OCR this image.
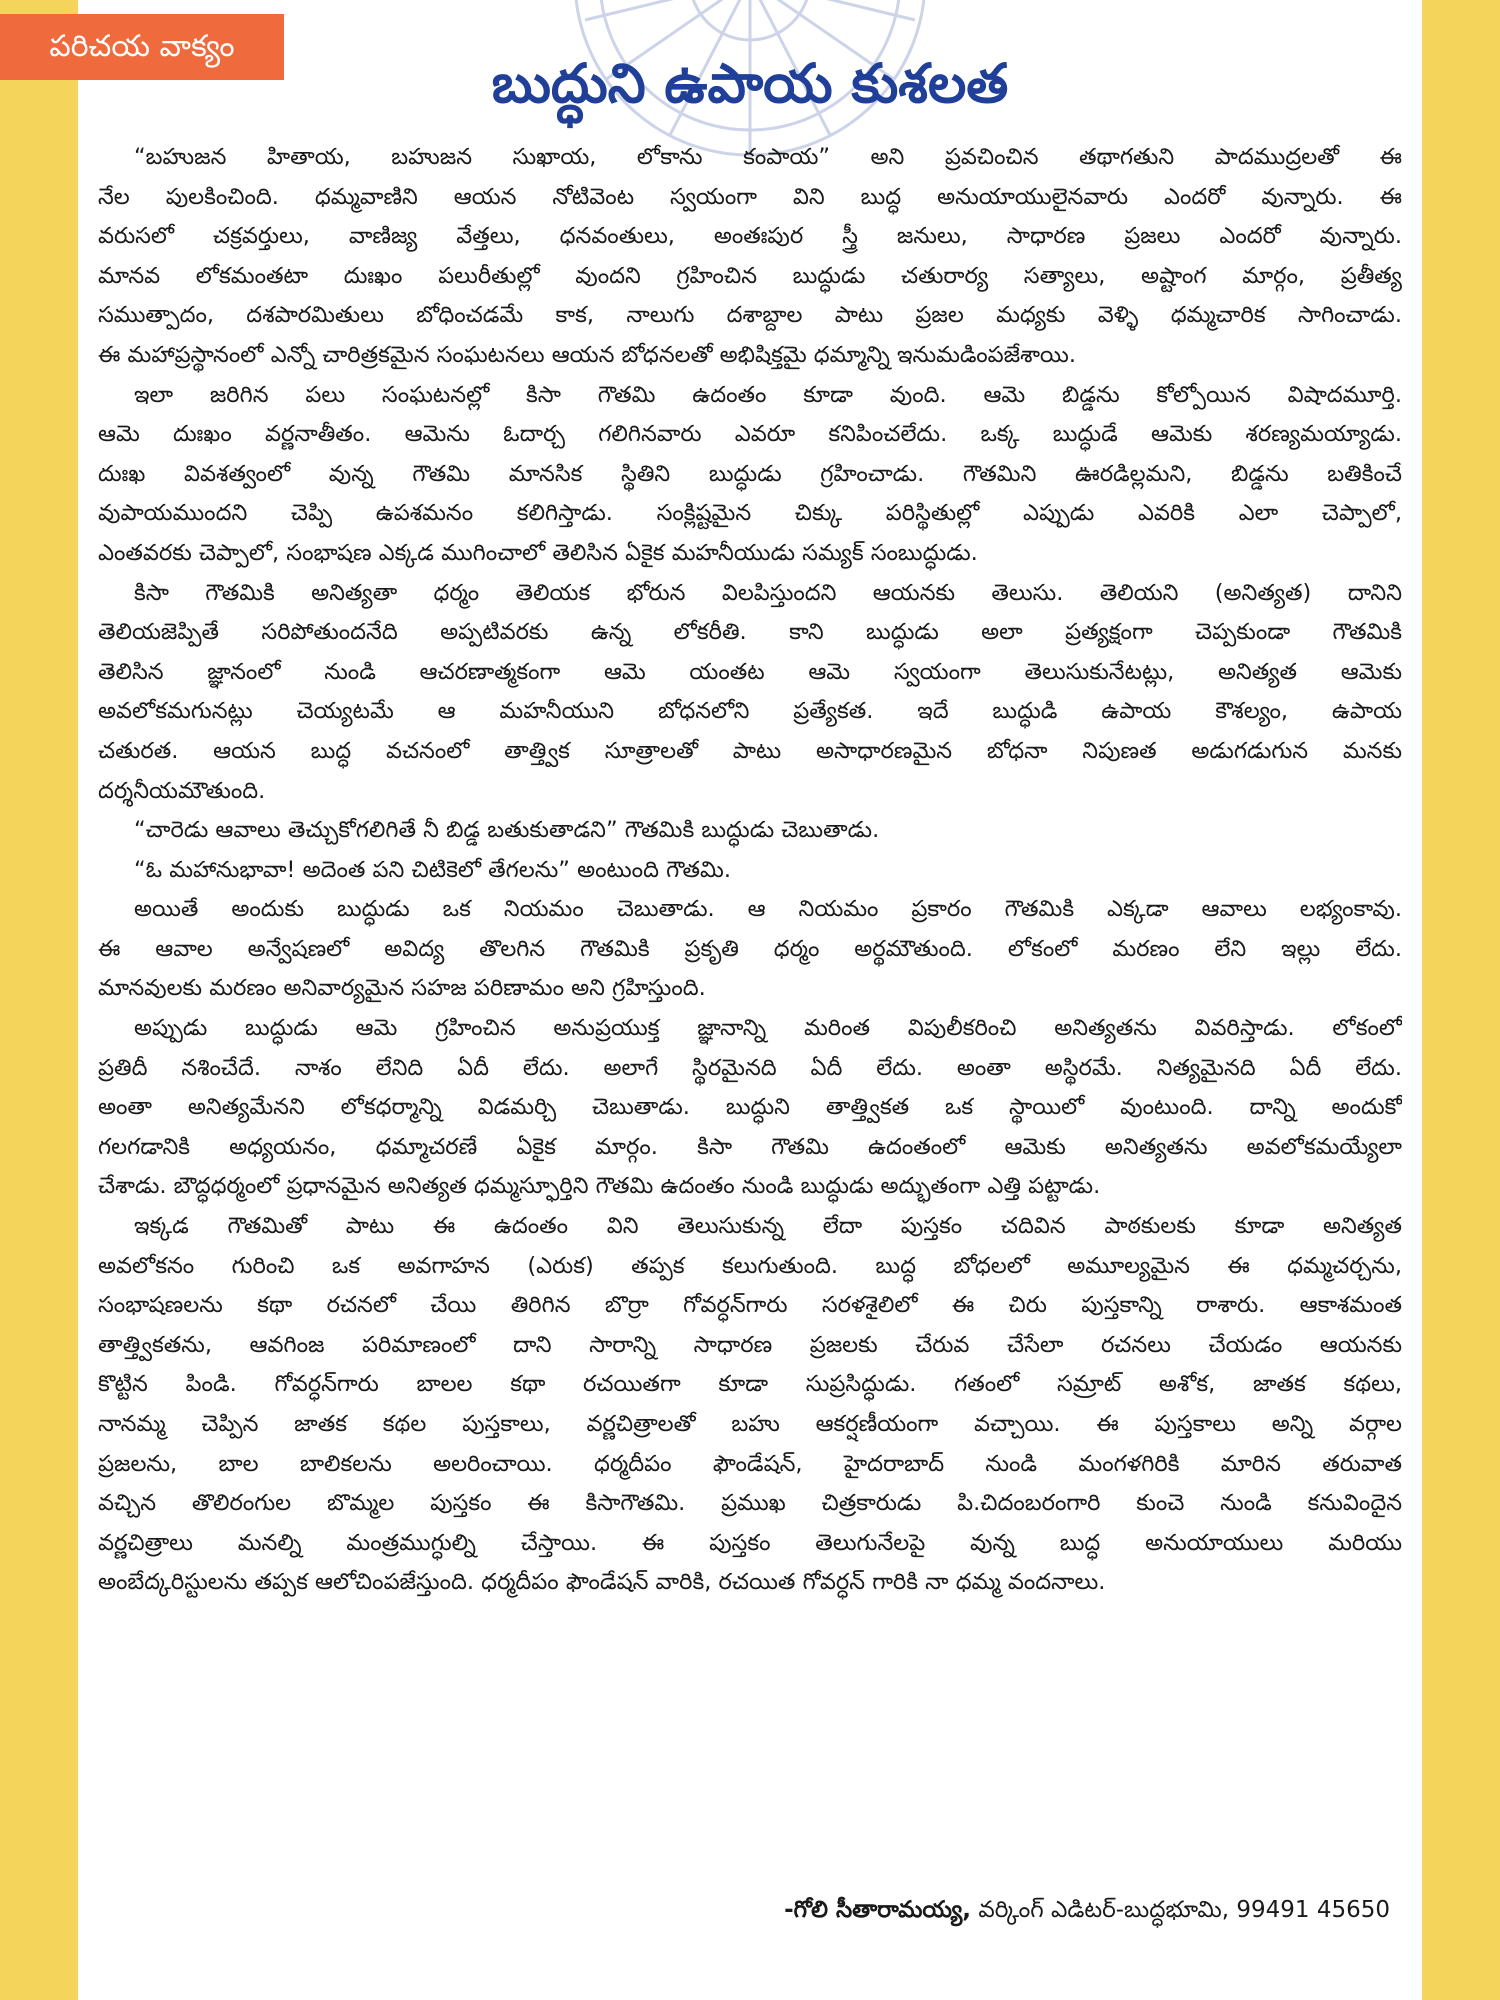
పరిచయ వాక్యం
బుద్ధుని ఉపాయ కుశలత
“బహుజన హితాయ, బహుజన సుఖాయ, లోకాను కంపాయ” అని ప్రవచించిన తథాగతుని పాదముద్రలతో ఈ
నేల పులకించింది. ధమ్మవాణిని ఆయన నోటివెంట స్వయంగా విని బుద్ధ అనుయాయులైనవారు ఎందరో వున్నారు. ఈ
వరుసలో చక్రవర్తులు, వాణిజ్య వేత్తలు, ధనవంతులు, అంతఃపుర స్త్రీ జనులు, సాధారణ ప్రజలు ఎందరో వున్నారు.
మానవ లోకమంతటా దుఃఖం పలురీతుల్లో వుందని గ్రహించిన బుద్ధుడు చతురార్య సత్యాలు, అష్టాంగ మార్గం, ప్రతీత్య
సముత్పాదం, దశపారమితులు బోధించడమే కాక, నాలుగు దశాబ్దాల పాటు ప్రజల మధ్యకు వెళ్ళి ధమ్మచారిక సాగించాడు.
ఈ మహాప్రస్థానంలో ఎన్నో చారిత్రకమైన సంఘటనలు ఆయన బోధనలతో అభిషిక్తమై ధమ్మాన్ని ఇనుమడింపజేశాయి.
ఇలా జరిగిన పలు సంఘటనల్లో కిసా గౌతమి ఉదంతం కూడా వుంది. ఆమె బిడ్డను కోల్పోయిన విషాదమూర్తి.
ఆమె దుఃఖం వర్ణనాతీతం. ఆమెను ఓదార్చ గలిగినవారు ఎవరూ కనిపించలేదు. ఒక్క బుద్ధుడే ఆమెకు శరణ్యమయ్యాడు.
దుఃఖ వివశత్వంలో వున్న గౌతమి మానసిక స్థితిని బుద్ధుడు గ్రహించాడు. గౌతమిని ఊరడిల్లమని, బిడ్డను బతికించే
వుపాయముందని చెప్పి ఉపశమనం కలిగిస్తాడు. సంక్లిష్టమైన చిక్కు పరిస్థితుల్లో ఎప్పుడు ఎవరికి ఎలా చెప్పాలో,
ఎంతవరకు చెప్పాలో, సంభాషణ ఎక్కడ ముగించాలో తెలిసిన ఏకైక మహనీయుడు సమ్యక్ సంబుద్ధుడు.
కిసా గౌతమికి అనిత్యతా ధర్మం తెలియక భోరున విలపిస్తుందని ఆయనకు తెలుసు. తెలియని (అనిత్యత) దానిని
తెలియజెప్పితే సరిపోతుందనేది అప్పటివరకు ఉన్న లోకరీతి. కాని బుద్ధుడు అలా ప్రత్యక్షంగా చెప్పకుండా గౌతమికి
తెలిసిన జ్ఞానంలో నుండి ఆచరణాత్మకంగా ఆమె యంతట ఆమె స్వయంగా తెలుసుకునేటట్లు, అనిత్యత ఆమెకు
అవలోకమగునట్లు చెయ్యటమే ఆ మహనీయుని బోధనలోని ప్రత్యేకత. ఇదే బుద్ధుడి ఉపాయ కౌశల్యం, ఉపాయ
చతురత. ఆయన బుద్ధ వచనంలో తాత్త్విక సూత్రాలతో పాటు అసాధారణమైన బోధనా నిపుణత అడుగడుగున మనకు
దర్శనీయమౌతుంది.
“చారెడు ఆవాలు తెచ్చుకోగలిగితే నీ బిడ్డ బతుకుతాడని” గౌతమికి బుద్ధుడు చెబుతాడు.
“ఓ మహానుభావా! అదెంత పని చిటికెలో తేగలను” అంటుంది గౌతమి.
అయితే అందుకు బుద్ధుడు ఒక నియమం చెబుతాడు. ఆ నియమం ప్రకారం గౌతమికి ఎక్కడా ఆవాలు లభ్యంకావు.
ఈ ఆవాల అన్వేషణలో అవిద్య తొలగిన గౌతమికి ప్రకృతి ధర్మం అర్థమౌతుంది. లోకంలో మరణం లేని ఇల్లు లేదు.
మానవులకు మరణం అనివార్యమైన సహజ పరిణామం అని గ్రహిస్తుంది.
అప్పుడు బుద్ధుడు ఆమె గ్రహించిన అనుప్రయుక్త జ్ఞానాన్ని మరింత విపులీకరించి అనిత్యతను వివరిస్తాడు. లోకంలో
ప్రతిదీ నశించేదే. నాశం లేనిది ఏదీ లేదు. అలాగే స్థిరమైనది ఏదీ లేదు. అంతా అస్థిరమే. నిత్యమైనది ఏదీ లేదు.
అంతా అనిత్యమేనని లోకధర్మాన్ని విడమర్చి చెబుతాడు. బుద్ధుని తాత్త్వికత ఒక స్థాయిలో వుంటుంది. దాన్ని అందుకో
గలగడానికి అధ్యయనం, ధమ్మాచరణే ఏకైక మార్గం. కిసా గౌతమి ఉదంతంలో ఆమెకు అనిత్యతను అవలోకమయ్యేలా
చేశాడు. బౌద్ధధర్మంలో ప్రధానమైన అనిత్యత ధమ్మస్ఫూర్తిని గౌతమి ఉదంతం నుండి బుద్ధుడు అద్భుతంగా ఎత్తి పట్టాడు.
ఇక్కడ గౌతమితో పాటు ఈ ఉదంతం విని తెలుసుకున్న లేదా పుస్తకం చదివిన పాఠకులకు కూడా అనిత్యత
అవలోకనం గురించి ఒక అవగాహన (ఎరుక) తప్పక కలుగుతుంది. బుద్ధ బోధలలో అమూల్యమైన ఈ ధమ్మచర్చను,
సంభాషణలను కథా రచనలో చేయి తిరిగిన బొర్రా గోవర్ధన్‌గారు సరళశైలిలో ఈ చిరు పుస్తకాన్ని రాశారు. ఆకాశమంత
తాత్త్వికతను, ఆవగింజ పరిమాణంలో దాని సారాన్ని సాధారణ ప్రజలకు చేరువ చేసేలా రచనలు చేయడం ఆయనకు
కొట్టిన పిండి. గోవర్ధన్‌గారు బాలల కథా రచయితగా కూడా సుప్రసిద్ధుడు. గతంలో సమ్రాట్ అశోక, జాతక కథలు,
నానమ్మ చెప్పిన జాతక కథల పుస్తకాలు, వర్ణచిత్రాలతో బహు ఆకర్షణీయంగా వచ్చాయి. ఈ పుస్తకాలు అన్ని వర్గాల
ప్రజలను, బాల బాలికలను అలరించాయి. ధర్మదీపం ఫౌండేషన్, హైదరాబాద్ నుండి మంగళగిరికి మారిన తరువాత
వచ్చిన తొలిరంగుల బొమ్మల పుస్తకం ఈ కిసాగౌతమి. ప్రముఖ చిత్రకారుడు పి.చిదంబరంగారి కుంచె నుండి కనువిందైన
వర్ణచిత్రాలు మనల్ని మంత్రముగ్ధుల్ని చేస్తాయి. ఈ పుస్తకం తెలుగునేలపై వున్న బుద్ధ అనుయాయులు మరియు
అంబేద్కరిస్టులను తప్పక ఆలోచింపజేస్తుంది. ధర్మదీపం ఫౌండేషన్ వారికి, రచయిత గోవర్ధన్ గారికి నా ధమ్మ వందనాలు.
-గోలి సీతారామయ్య, వర్కింగ్ ఎడిటర్-బుద్ధభూమి, 99491 45650
